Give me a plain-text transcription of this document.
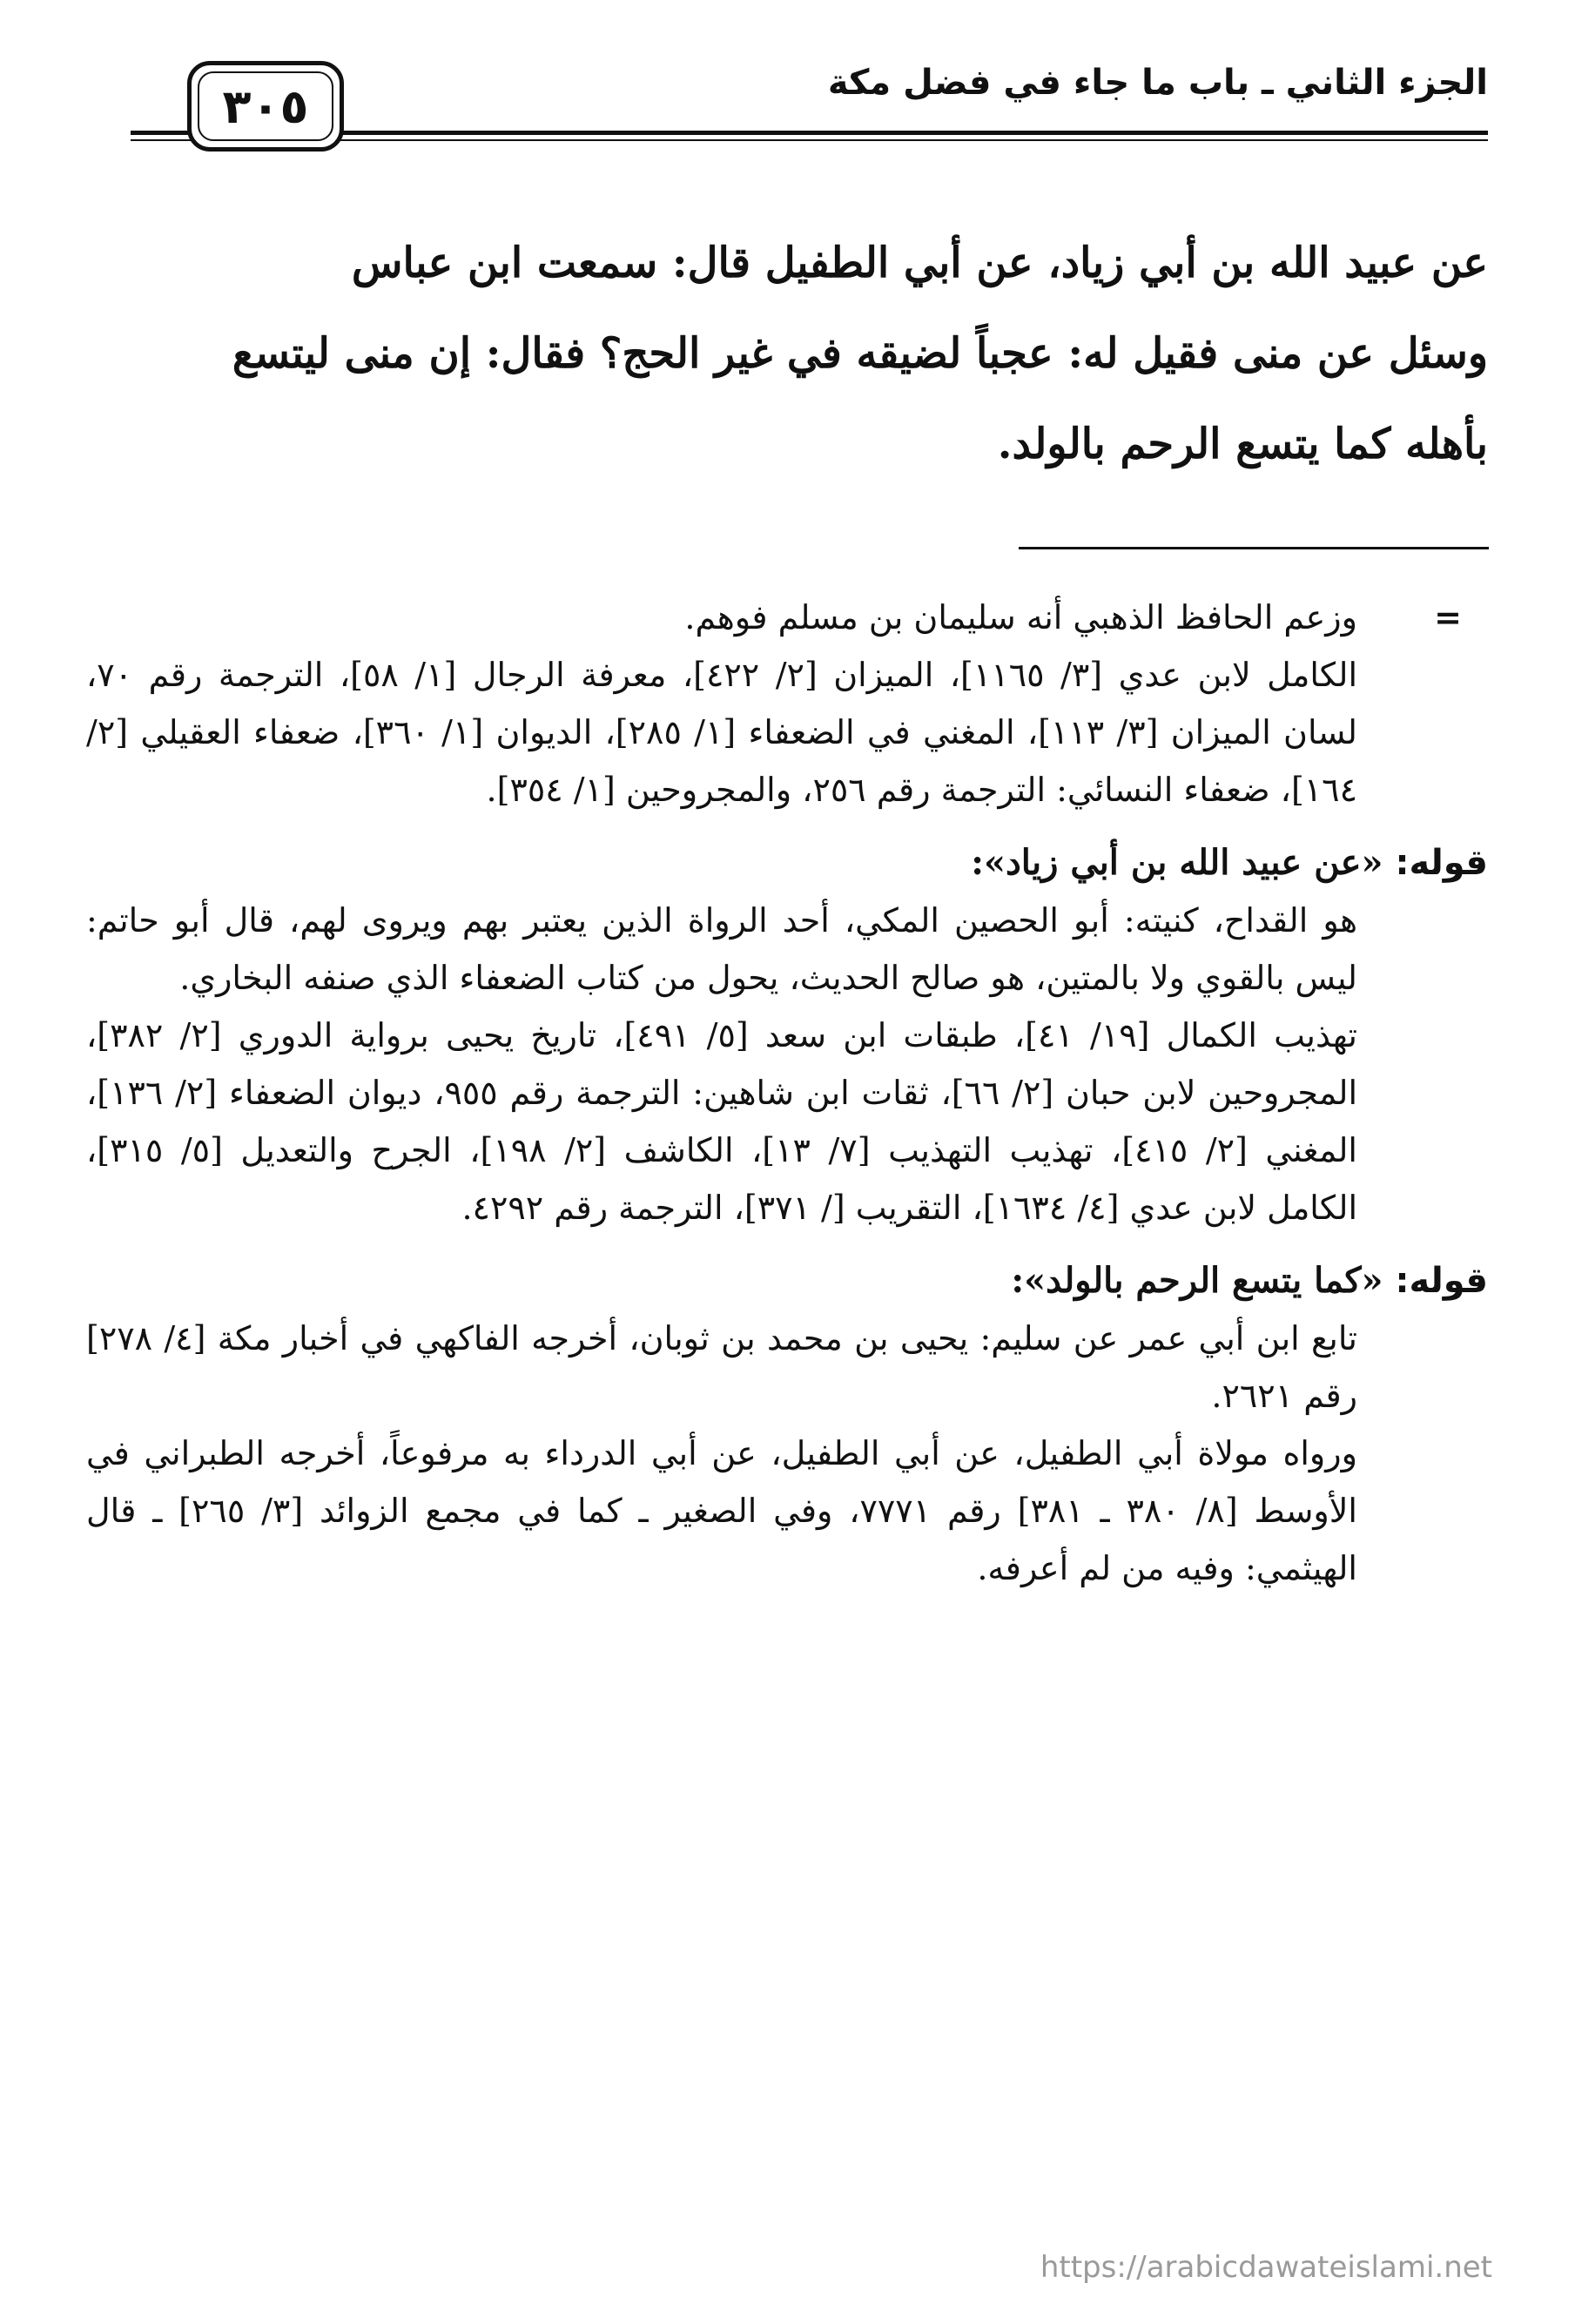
الجزء الثاني ـ باب ما جاء في فضل مكة
٣٠٥

عن عبيد الله بن أبي زياد، عن أبي الطفيل قال: سمعت ابن عباس

وسئل عن منى فقيل له: عجباً لضيقه في غير الحج؟ فقال: إن منى ليتسع

بأهله كما يتسع الرحم بالولد.

=

وزعم الحافظ الذهبي أنه سليمان بن مسلم فوهم.

الكامل لابن عدي [٣/ ١١٦٥]، الميزان [٢/ ٤٢٢]، معرفة الرجال [١/ ٥٨]، الترجمة رقم ٧٠، لسان الميزان [٣/ ١١٣]، المغني في الضعفاء [١/ ٢٨٥]، الديوان [١/ ٣٦٠]، ضعفاء العقيلي [٢/ ١٦٤]، ضعفاء النسائي: الترجمة رقم ٢٥٦، والمجروحين [١/ ٣٥٤].

قوله: «عن عبيد الله بن أبي زياد»:

هو القداح، كنيته: أبو الحصين المكي، أحد الرواة الذين يعتبر بهم ويروى لهم، قال أبو حاتم: ليس بالقوي ولا بالمتين، هو صالح الحديث، يحول من كتاب الضعفاء الذي صنفه البخاري.

تهذيب الكمال [١٩/ ٤١]، طبقات ابن سعد [٥/ ٤٩١]، تاريخ يحيى برواية الدوري [٢/ ٣٨٢]، المجروحين لابن حبان [٢/ ٦٦]، ثقات ابن شاهين: الترجمة رقم ٩٥٥، ديوان الضعفاء [٢/ ١٣٦]، المغني [٢/ ٤١٥]، تهذيب التهذيب [٧/ ١٣]، الكاشف [٢/ ١٩٨]، الجرح والتعديل [٥/ ٣١٥]، الكامل لابن عدي [٤/ ١٦٣٤]، التقريب [/ ٣٧١]، الترجمة رقم ٤٢٩٢.

قوله: «كما يتسع الرحم بالولد»:

تابع ابن أبي عمر عن سليم: يحيى بن محمد بن ثوبان، أخرجه الفاكهي في أخبار مكة [٤/ ٢٧٨] رقم ٢٦٢١.

ورواه مولاة أبي الطفيل، عن أبي الطفيل، عن أبي الدرداء به مرفوعاً، أخرجه الطبراني في الأوسط [٨/ ٣٨٠ ـ ٣٨١] رقم ٧٧٧١، وفي الصغير ـ كما في مجمع الزوائد [٣/ ٢٦٥] ـ قال الهيثمي: وفيه من لم أعرفه.

https://arabicdawateislami.net
